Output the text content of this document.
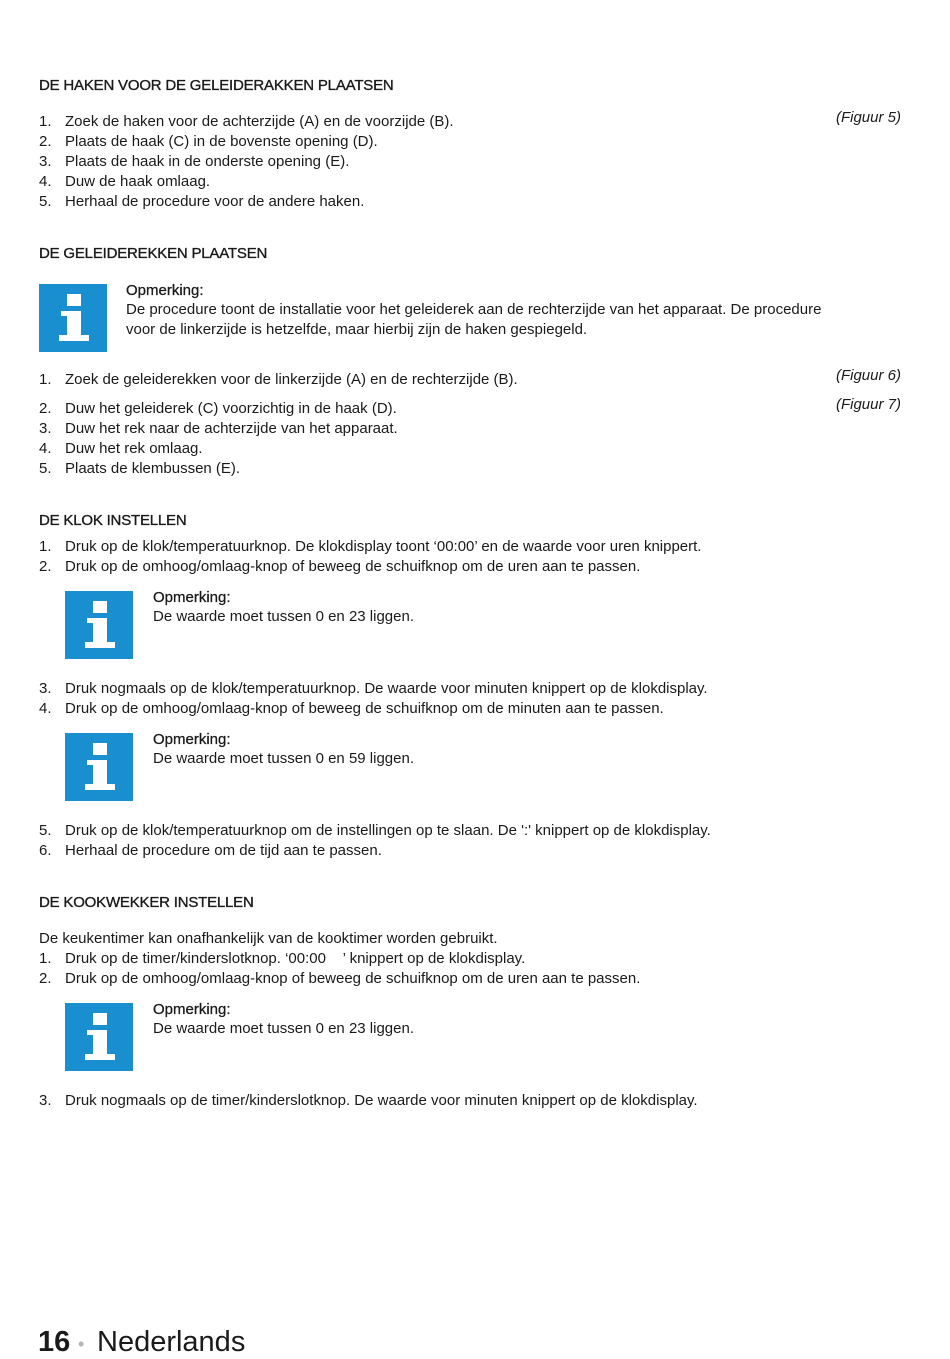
DE HAKEN VOOR DE GELEIDERAKKEN PLAATSEN
(Figuur 5)
1. Zoek de haken voor de achterzijde (A) en de voorzijde (B).
2. Plaats de haak (C) in de bovenste opening (D).
3. Plaats de haak in de onderste opening (E).
4. Duw de haak omlaag.
5. Herhaal de procedure voor de andere haken.
DE GELEIDEREKKEN PLAATSEN
Opmerking:
De procedure toont de installatie voor het geleiderek aan de rechterzijde van het apparaat. De procedure
voor de linkerzijde is hetzelfde, maar hierbij zijn de haken gespiegeld.
(Figuur 6)
(Figuur 7)
1. Zoek de geleiderekken voor de linkerzijde (A) en de rechterzijde (B).
2. Duw het geleiderek (C) voorzichtig in de haak (D).
3. Duw het rek naar de achterzijde van het apparaat.
4. Duw het rek omlaag.
5. Plaats de klembussen (E).
DE KLOK INSTELLEN
1. Druk op de klok/temperatuurknop. De klokdisplay toont ‘00:00’ en de waarde voor uren knippert.
2. Druk op de omhoog/omlaag-knop of beweeg de schuifknop om de uren aan te passen.
Opmerking:
De waarde moet tussen 0 en 23 liggen.
3. Druk nogmaals op de klok/temperatuurknop. De waarde voor minuten knippert op de klokdisplay.
4. Druk op de omhoog/omlaag-knop of beweeg de schuifknop om de minuten aan te passen.
Opmerking:
De waarde moet tussen 0 en 59 liggen.
5. Druk op de klok/temperatuurknop om de instellingen op te slaan. De ':' knippert op de klokdisplay.
6. Herhaal de procedure om de tijd aan te passen.
DE KOOKWEKKER INSTELLEN
De keukentimer kan onafhankelijk van de kooktimer worden gebruikt.
1. Druk op de timer/kinderslotknop. ‘00:00    ’ knippert op de klokdisplay.
2. Druk op de omhoog/omlaag-knop of beweeg de schuifknop om de uren aan te passen.
Opmerking:
De waarde moet tussen 0 en 23 liggen.
3. Druk nogmaals op de timer/kinderslotknop. De waarde voor minuten knippert op de klokdisplay.
16 • Nederlands
